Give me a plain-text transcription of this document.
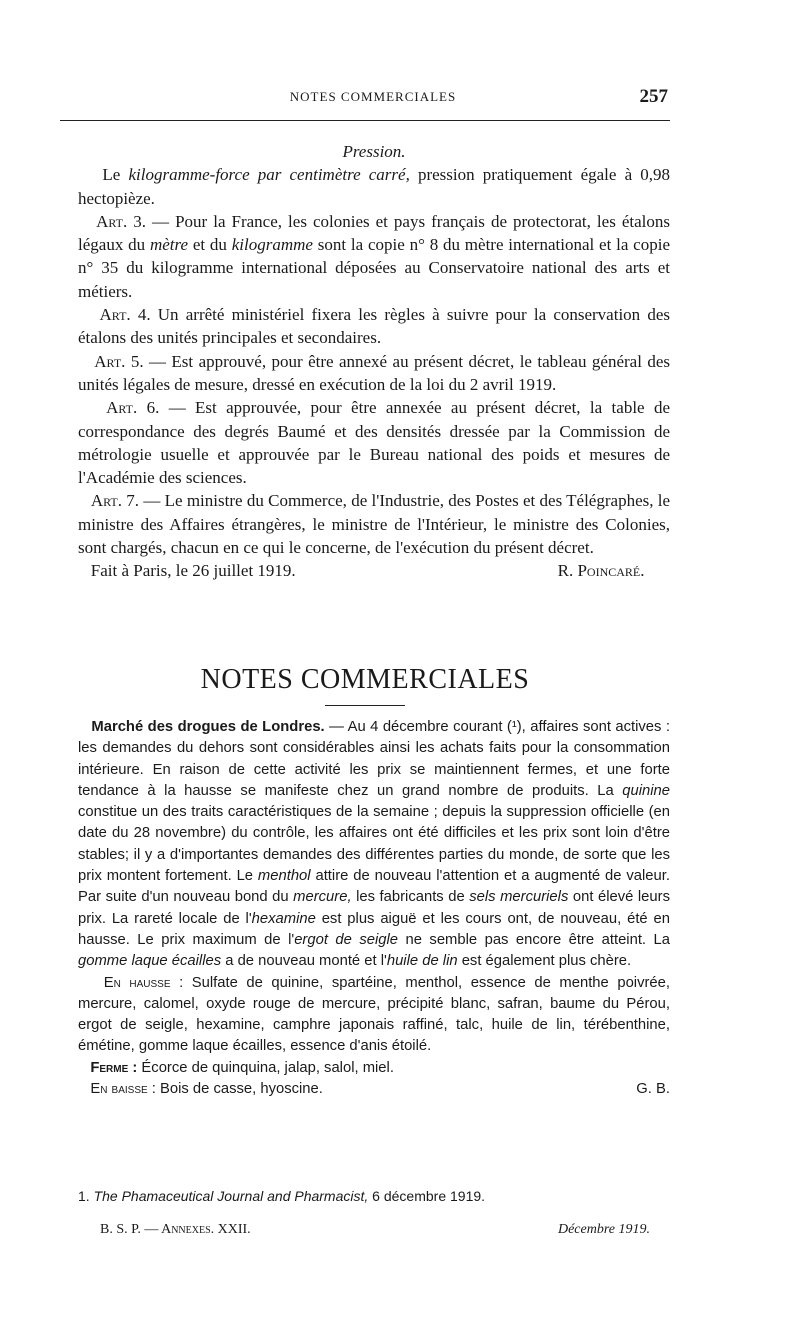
NOTES COMMERCIALES	257

Pression.

Le kilogramme-force par centimètre carré, pression pratiquement égale à 0,98 hectopièze.

Art. 3. — Pour la France, les colonies et pays français de protectorat, les étalons légaux du mètre et du kilogramme sont la copie n° 8 du mètre international et la copie n° 35 du kilogramme international déposées au Conservatoire national des arts et métiers.

Art. 4. Un arrêté ministériel fixera les règles à suivre pour la conservation des étalons des unités principales et secondaires.

Art. 5. — Est approuvé, pour être annexé au présent décret, le tableau général des unités légales de mesure, dressé en exécution de la loi du 2 avril 1919.

Art. 6. — Est approuvée, pour être annexée au présent décret, la table de correspondance des degrés Baumé et des densités dressée par la Commission de métrologie usuelle et approuvée par le Bureau national des poids et mesures de l'Académie des sciences.

Art. 7. — Le ministre du Commerce, de l'Industrie, des Postes et des Télégraphes, le ministre des Affaires étrangères, le ministre de l'Intérieur, le ministre des Colonies, sont chargés, chacun en ce qui le concerne, de l'exécution du présent décret.

Fait à Paris, le 26 juillet 1919.	R. Poincaré.

NOTES COMMERCIALES

Marché des drogues de Londres. — Au 4 décembre courant (¹), affaires sont actives : les demandes du dehors sont considérables ainsi les achats faits pour la consommation intérieure. En raison de cette activité les prix se maintiennent fermes, et une forte tendance à la hausse se manifeste chez un grand nombre de produits. La quinine constitue un des traits caractéristiques de la semaine ; depuis la suppression officielle (en date du 28 novembre) du contrôle, les affaires ont été difficiles et les prix sont loin d'être stables; il y a d'importantes demandes des différentes parties du monde, de sorte que les prix montent fortement. Le menthol attire de nouveau l'attention et a augmenté de valeur. Par suite d'un nouveau bond du mercure, les fabricants de sels mercuriels ont élevé leurs prix. La rareté locale de l'hexamine est plus aiguë et les cours ont, de nouveau, été en hausse. Le prix maximum de l'ergot de seigle ne semble pas encore être atteint. La gomme laque écailles a de nouveau monté et l'huile de lin est également plus chère.

En hausse : Sulfate de quinine, spartéine, menthol, essence de menthe poivrée, mercure, calomel, oxyde rouge de mercure, précipité blanc, safran, baume du Pérou, ergot de seigle, hexamine, camphre japonais raffiné, talc, huile de lin, térébenthine, émétine, gomme laque écailles, essence d'anis étoilé.

Ferme : Écorce de quinquina, jalap, salol, miel.

En baisse : Bois de casse, hyoscine.	G. B.

1. The Phamaceutical Journal and Pharmacist, 6 décembre 1919.
B. S. P. — Annexes. XXII.	Décembre 1919.
